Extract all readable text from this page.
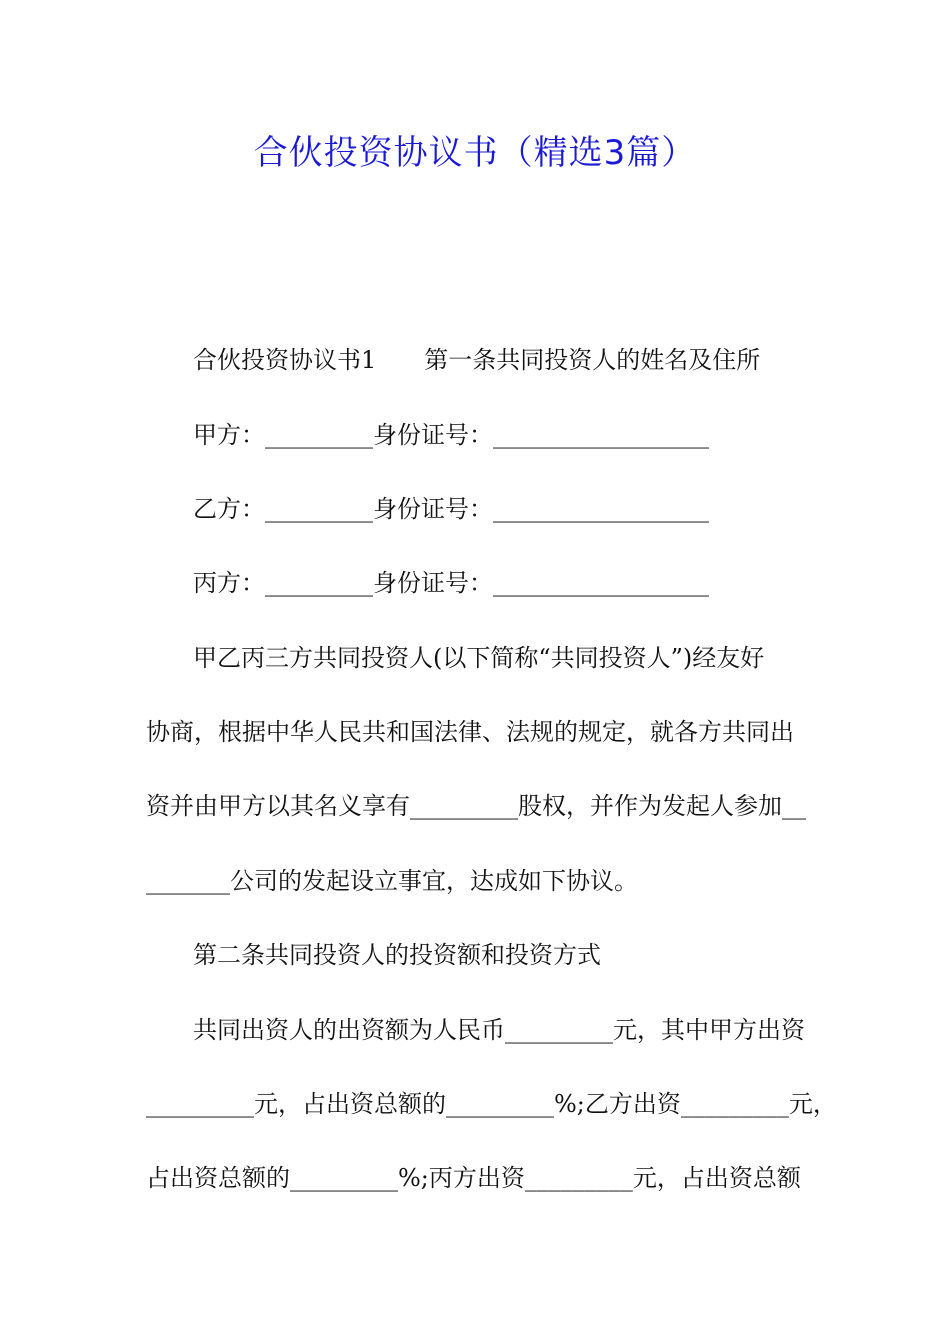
合伙投资协议书（精选3篇）
合伙投资协议书1　　第一条共同投资人的姓名及住所
甲方：_________身份证号：__________________
乙方：_________身份证号：__________________
丙方：_________身份证号：__________________
甲乙丙三方共同投资人(以下简称“共同投资人”)经友好
协商，根据中华人民共和国法律、法规的规定，就各方共同出
资并由甲方以其名义享有_________股权，并作为发起人参加__
_______公司的发起设立事宜，达成如下协议。
第二条共同投资人的投资额和投资方式
共同出资人的出资额为人民币_________元，其中甲方出资
_________元，占出资总额的_________%;乙方出资_________元，
占出资总额的_________%;丙方出资_________元，占出资总额
